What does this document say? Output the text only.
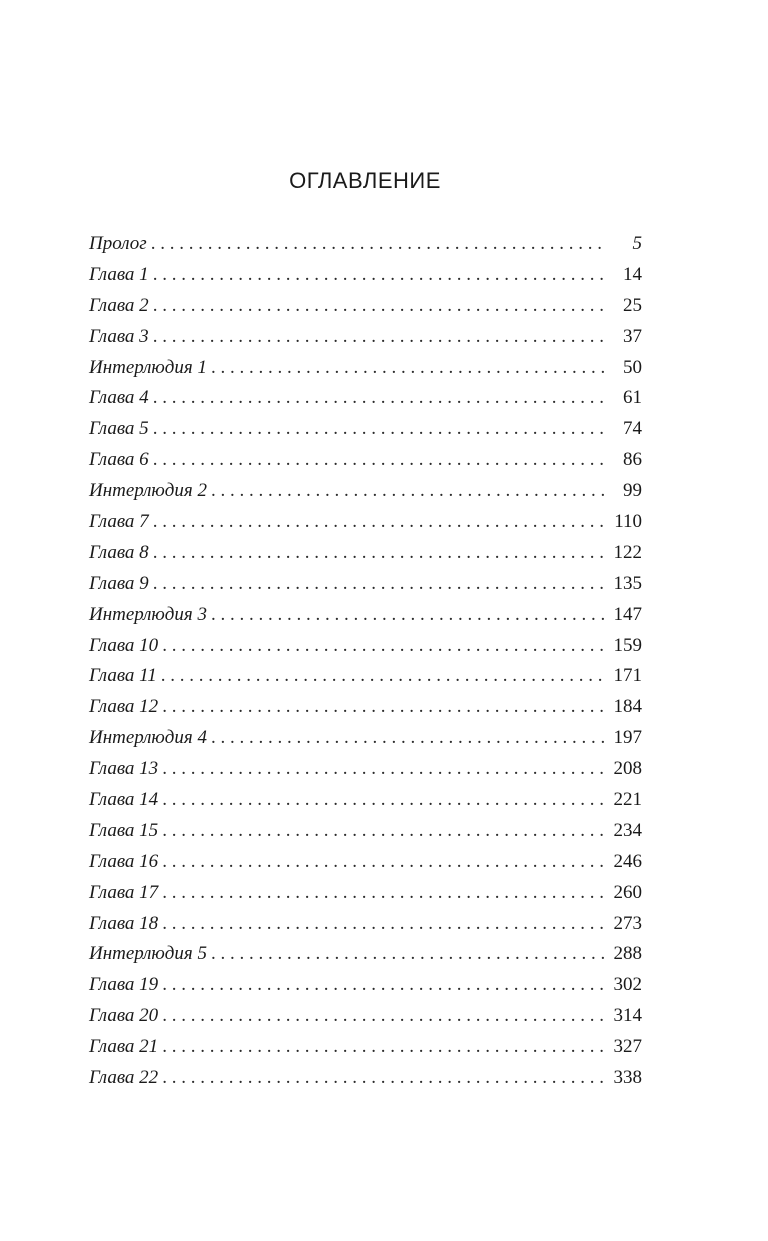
ОГЛАВЛЕНИЕ
Пролог . . .	5
Глава 1 . . .	14
Глава 2 . . .	25
Глава 3 . . .	37
Интерлюдия 1 . . .	50
Глава 4 . . .	61
Глава 5 . . .	74
Глава 6 . . .	86
Интерлюдия 2 . . .	99
Глава 7 . . .	110
Глава 8 . . .	122
Глава 9 . . .	135
Интерлюдия 3 . . .	147
Глава 10 . . .	159
Глава 11 . . .	171
Глава 12 . . .	184
Интерлюдия 4 . . .	197
Глава 13 . . .	208
Глава 14 . . .	221
Глава 15 . . .	234
Глава 16 . . .	246
Глава 17 . . .	260
Глава 18 . . .	273
Интерлюдия 5 . . .	288
Глава 19 . . .	302
Глава 20 . . .	314
Глава 21 . . .	327
Глава 22 . . .	338
